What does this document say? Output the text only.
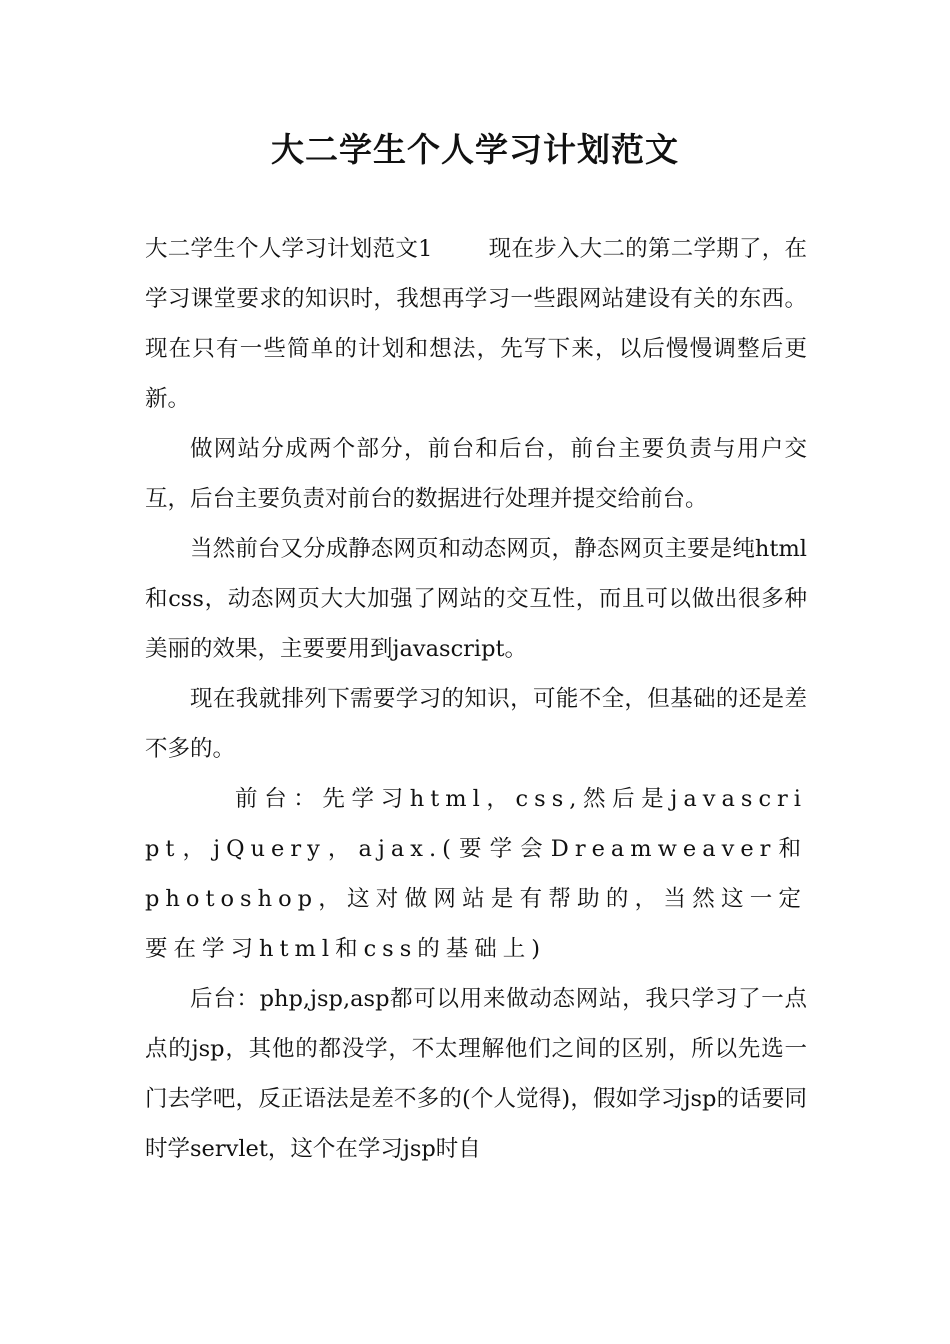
大二学生个人学习计划范文

大二学生个人学习计划范文1 现在步入大二的第二学期了，在学习课堂要求的知识时，我想再学习一些跟网站建设有关的东西。现在只有一些简单的计划和想法，先写下来，以后慢慢调整后更新。

做网站分成两个部分，前台和后台，前台主要负责与用户交互，后台主要负责对前台的数据进行处理并提交给前台。

当然前台又分成静态网页和动态网页，静态网页主要是纯html和css，动态网页大大加强了网站的交互性，而且可以做出很多种美丽的效果，主要要用到javascript。

现在我就排列下需要学习的知识，可能不全，但基础的还是差不多的。

前台：先学习html，css,然后是javascript，jQuery，ajax.(要学会Dreamweaver和photoshop，这对做网站是有帮助的，当然这一定要在学习html和css的基础上)

后台：php,jsp,asp都可以用来做动态网站，我只学习了一点点的jsp，其他的都没学，不太理解他们之间的区别，所以先选一门去学吧，反正语法是差不多的(个人觉得)，假如学习jsp的话要同时学servlet，这个在学习jsp时自
